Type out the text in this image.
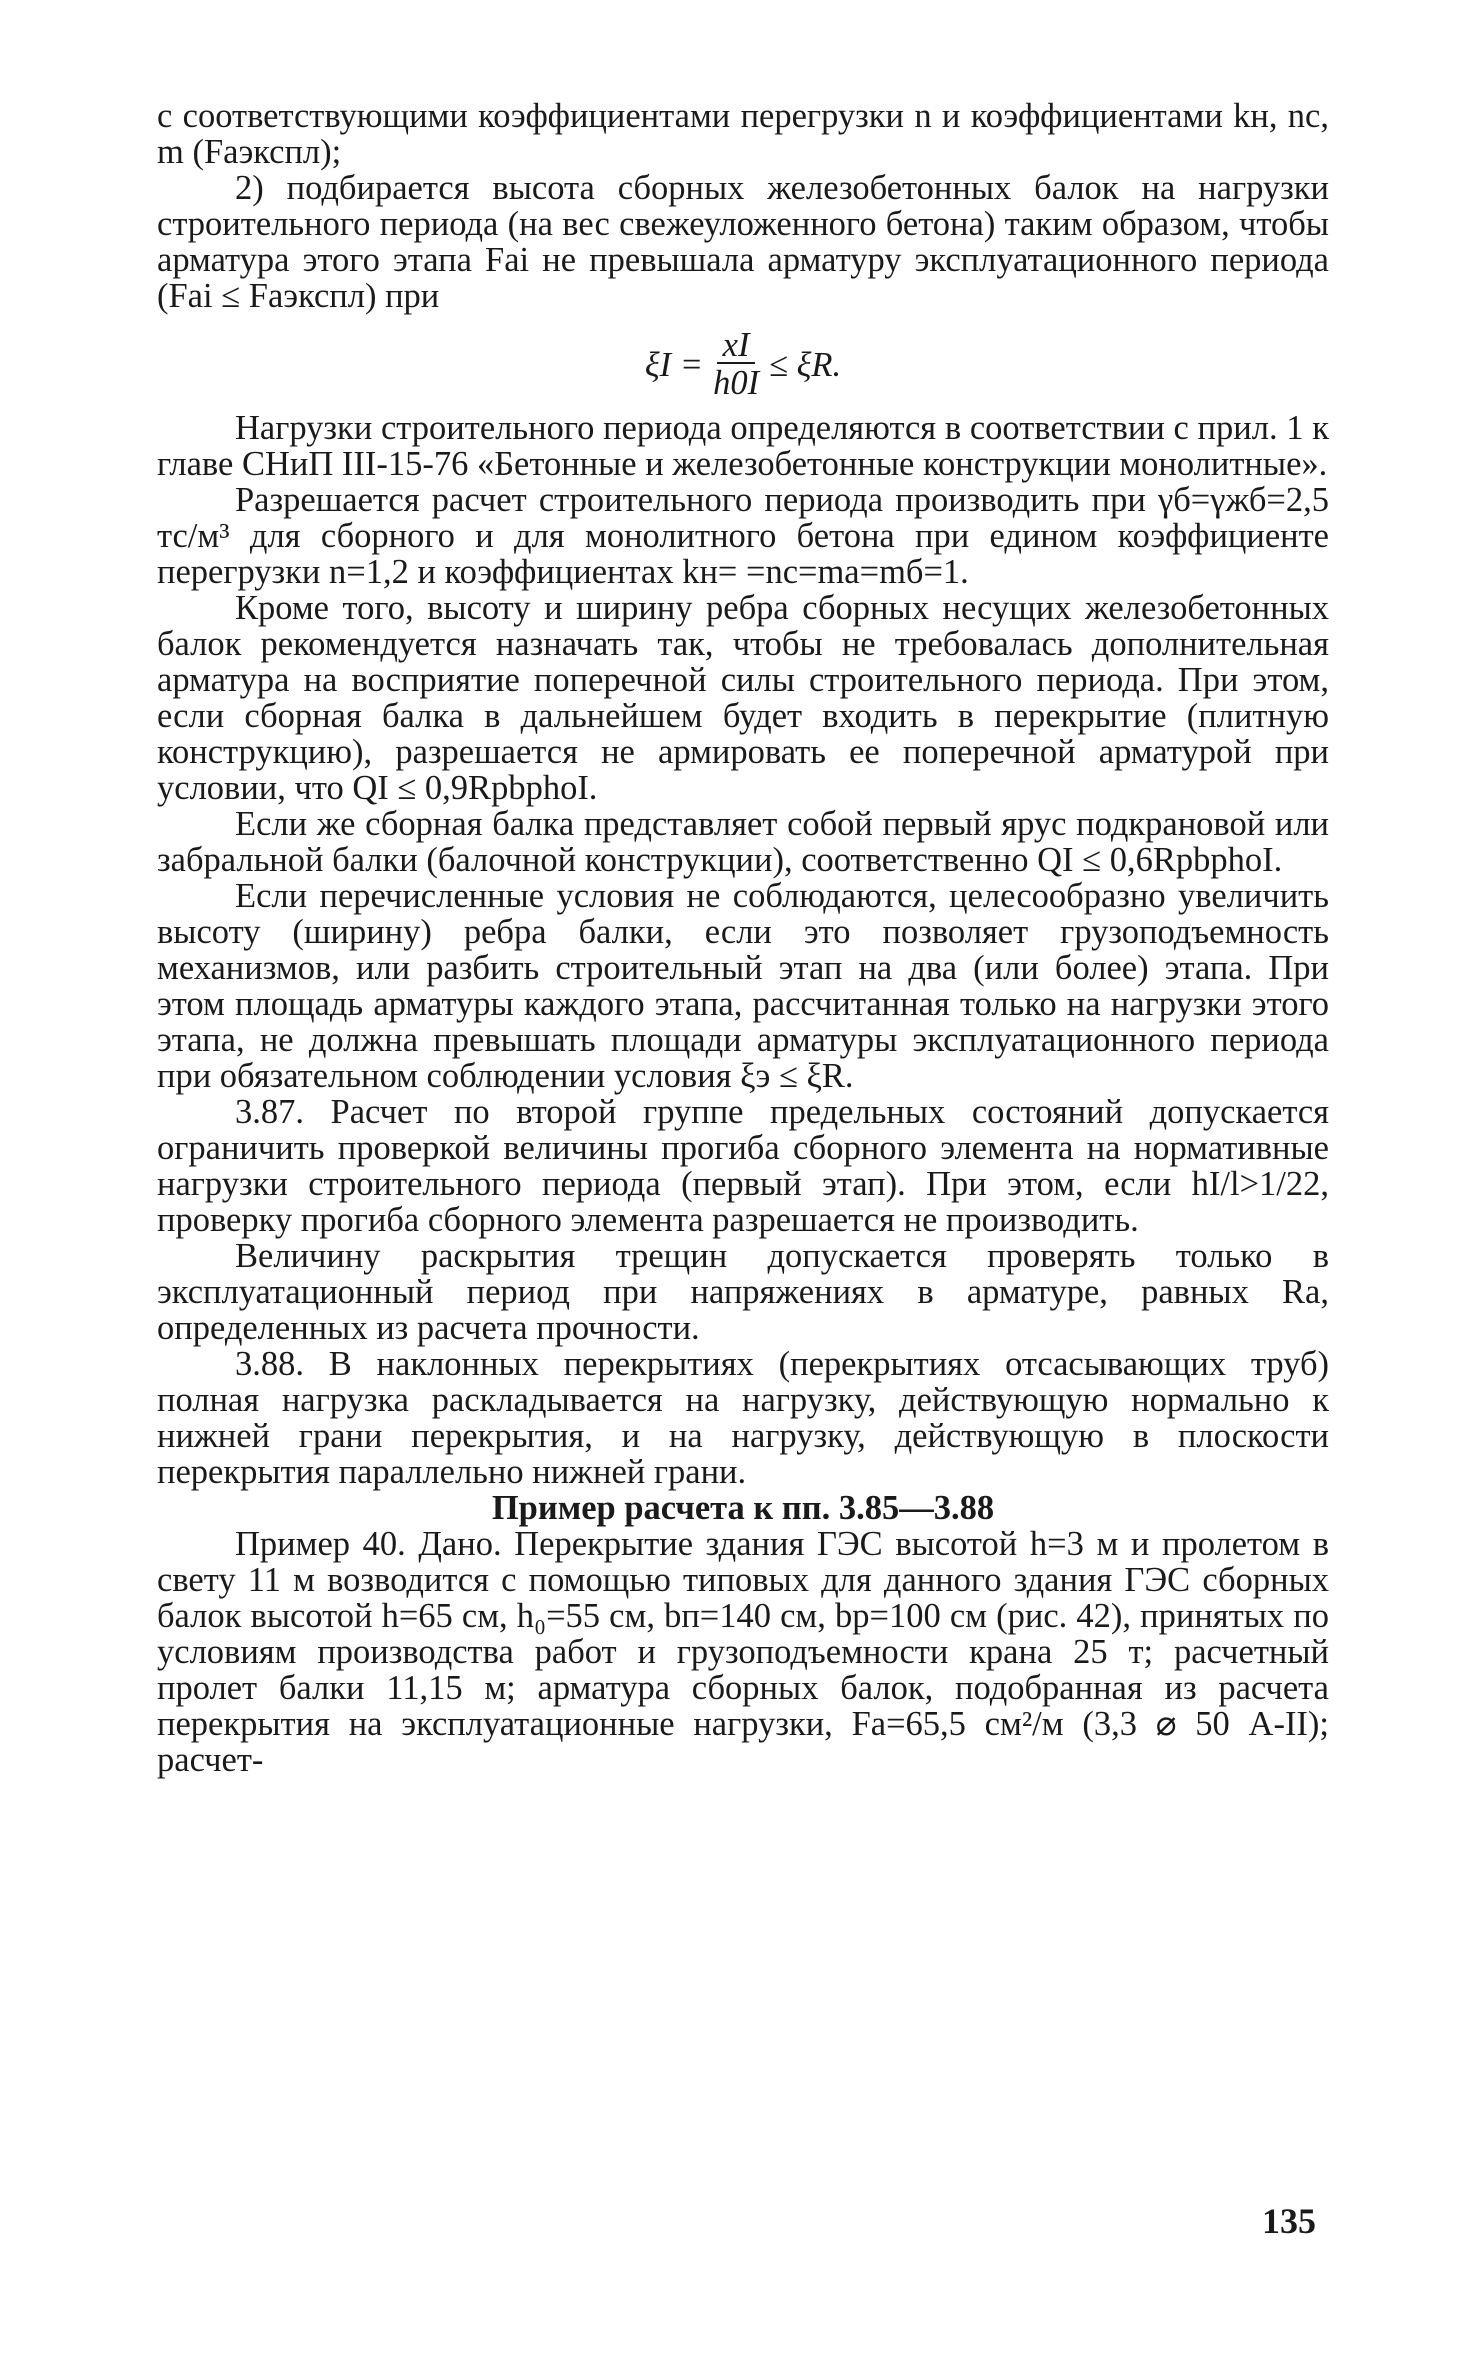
с соответствующими коэффициентами перегрузки n и коэффициентами kн, nс, m (Fаэкспл);

2) подбирается высота сборных железобетонных балок на нагрузки строительного периода (на вес свежеуложенного бетона) таким образом, чтобы арматура этого этапа Fаi не превышала арматуру эксплуатационного периода (Fаi ≤ Fаэкспл) при

$\xi I = \frac{xI}{h0I} \le \xi R$.

Нагрузки строительного периода определяются в соответствии с прил. 1 к главе СНиП III-15-76 «Бетонные и железобетонные конструкции монолитные».

Разрешается расчет строительного периода производить при γб=γжб=2,5 тс/м³ для сборного и для монолитного бетона при едином коэффициенте перегрузки n=1,2 и коэффициентах kн= =nс=mа=mб=1.

Кроме того, высоту и ширину ребра сборных несущих железобетонных балок рекомендуется назначать так, чтобы не требовалась дополнительная арматура на восприятие поперечной силы строительного периода. При этом, если сборная балка в дальнейшем будет входить в перекрытие (плитную конструкцию), разрешается не армировать ее поперечной арматурой при условии, что QI ≤ 0,9RрbрhоI.

Если же сборная балка представляет собой первый ярус подкрановой или забральной балки (балочной конструкции), соответственно QI ≤ 0,6RрbрhоI.

Если перечисленные условия не соблюдаются, целесообразно увеличить высоту (ширину) ребра балки, если это позволяет грузоподъемность механизмов, или разбить строительный этап на два (или более) этапа. При этом площадь арматуры каждого этапа, рассчитанная только на нагрузки этого этапа, не должна превышать площади арматуры эксплуатационного периода при обязательном соблюдении условия ξэ ≤ ξR.

3.87. Расчет по второй группе предельных состояний допускается ограничить проверкой величины прогиба сборного элемента на нормативные нагрузки строительного периода (первый этап). При этом, если hI/l>1/22, проверку прогиба сборного элемента разрешается не производить.

Величину раскрытия трещин допускается проверять только в эксплуатационный период при напряжениях в арматуре, равных Rа, определенных из расчета прочности.

3.88. В наклонных перекрытиях (перекрытиях отсасывающих труб) полная нагрузка раскладывается на нагрузку, действующую нормально к нижней грани перекрытия, и на нагрузку, действующую в плоскости перекрытия параллельно нижней грани.

Пример расчета к пп. 3.85—3.88

Пример 40. Дано. Перекрытие здания ГЭС высотой h=3 м и пролетом в свету 11 м возводится с помощью типовых для данного здания ГЭС сборных балок высотой h=65 см, h₀=55 см, bп=140 см, bр=100 см (рис. 42), принятых по условиям производства работ и грузоподъемности крана 25 т; расчетный пролет балки 11,15 м; арматура сборных балок, подобранная из расчета перекрытия на эксплуатационные нагрузки, Fа=65,5 см²/м (3,3 ⌀ 50 А-II); расчет-

135
